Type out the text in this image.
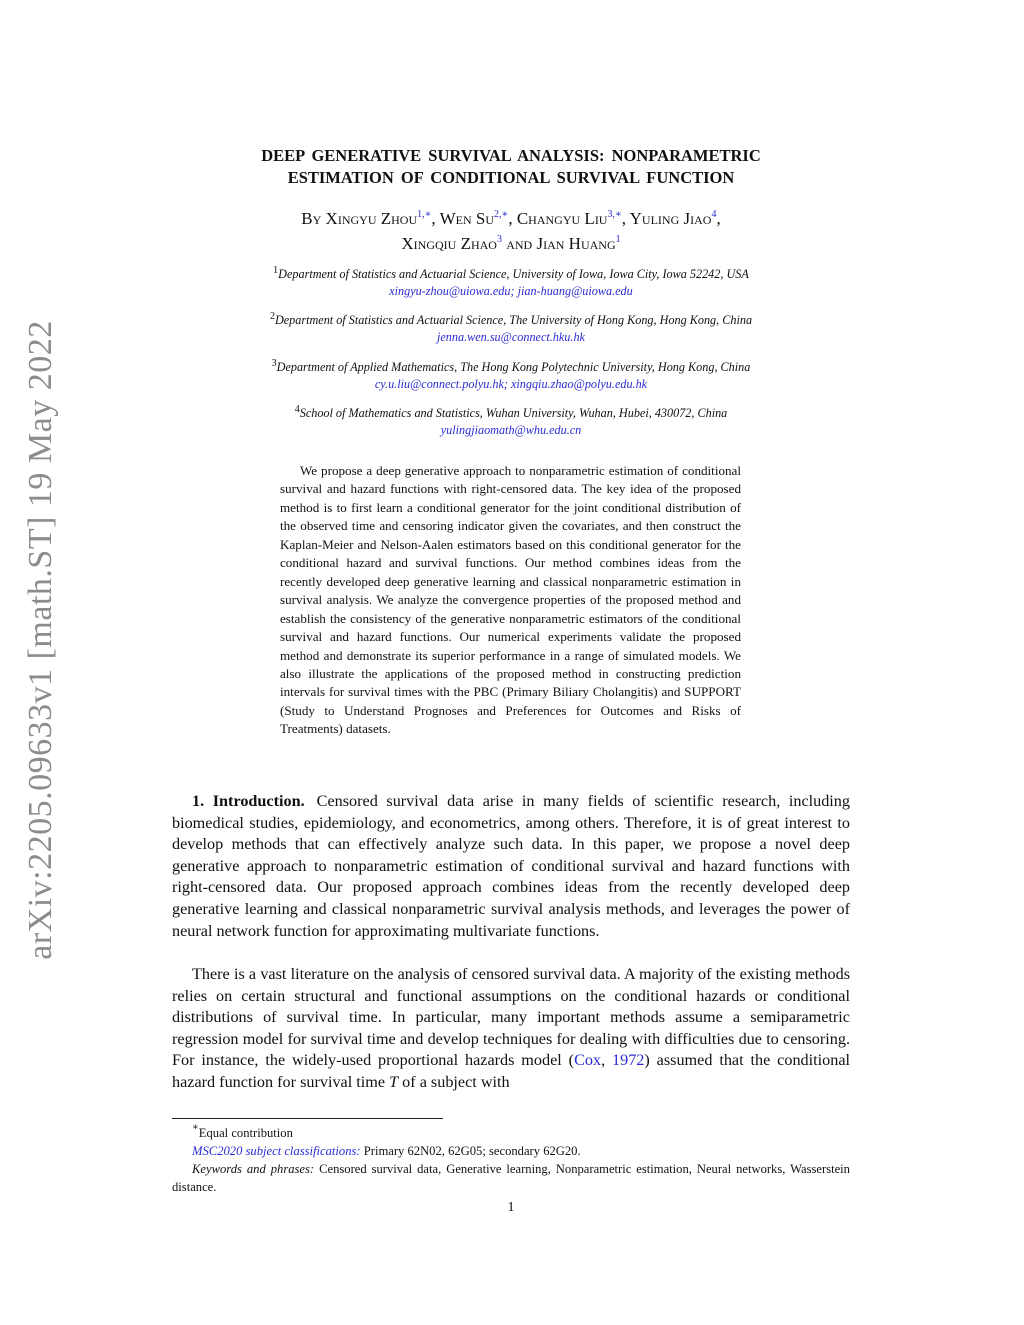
arXiv:2205.09633v1 [math.ST] 19 May 2022
DEEP GENERATIVE SURVIVAL ANALYSIS: NONPARAMETRIC
ESTIMATION OF CONDITIONAL SURVIVAL FUNCTION
By Xingyu Zhou$^{1,∗}$, Wen $Su^{2,∗}$, Changyu Liu$^{3,∗}$, Yuling Jiao$^4$,
Xingqiu Zhao$^3$ and Jian Huang$^1$
$^1$Department of Statistics and Actuarial Science, University of Iowa, Iowa City, Iowa 52242, USA
xingyu-zhou@uiowa.edu; jian-huang@uiowa.edu
$^2$Department of Statistics and Actuarial Science, The University of Hong Kong, Hong Kong, China
jenna.wen.su@connect.hku.hk
$^3$Department of Applied Mathematics, The Hong Kong Polytechnic University, Hong Kong, China
cy.u.liu@connect.polyu.hk; xingqiu.zhao@polyu.edu.hk
$^4$School of Mathematics and Statistics, Wuhan University, Wuhan, Hubei, 430072, China
yulingjiaomath@whu.edu.cn
We propose a deep generative approach to nonparametric estimation of conditional survival and hazard functions with right-censored data. The key idea of the proposed method is to first learn a conditional generator for the joint conditional distribution of the observed time and censoring indicator given the covariates, and then construct the Kaplan-Meier and Nelson-Aalen estimators based on this conditional generator for the conditional hazard and survival functions. Our method combines ideas from the recently developed deep generative learning and classical nonparametric estimation in survival analysis. We analyze the convergence properties of the proposed method and establish the consistency of the generative nonparametric estimators of the conditional survival and hazard functions. Our numerical experiments validate the proposed method and demonstrate its superior performance in a range of simulated models. We also illustrate the applications of the proposed method in constructing prediction intervals for survival times with the PBC (Primary Biliary Cholangitis) and SUPPORT (Study to Understand Prognoses and Preferences for Outcomes and Risks of Treatments) datasets.
1. Introduction. Censored survival data arise in many fields of scientific research, including biomedical studies, epidemiology, and econometrics, among others. Therefore, it is of great interest to develop methods that can effectively analyze such data. In this paper, we propose a novel deep generative approach to nonparametric estimation of conditional survival and hazard functions with right-censored data. Our proposed approach combines ideas from the recently developed deep generative learning and classical nonparametric survival analysis methods, and leverages the power of neural network function for approximating multivariate functions.
There is a vast literature on the analysis of censored survival data. A majority of the existing methods relies on certain structural and functional assumptions on the conditional hazards or conditional distributions of survival time. In particular, many important methods assume a semiparametric regression model for survival time and develop techniques for dealing with difficulties due to censoring. For instance, the widely-used proportional hazards model (Cox, 1972) assumed that the conditional hazard function for survival time T of a subject with

∗Equal contribution

MSC2020 subject classifications: Primary 62N02, 62G05; secondary 62G20.

Keywords and phrases: Censored survival data, Generative learning, Nonparametric estimation, Neural networks, Wasserstein distance.

1
